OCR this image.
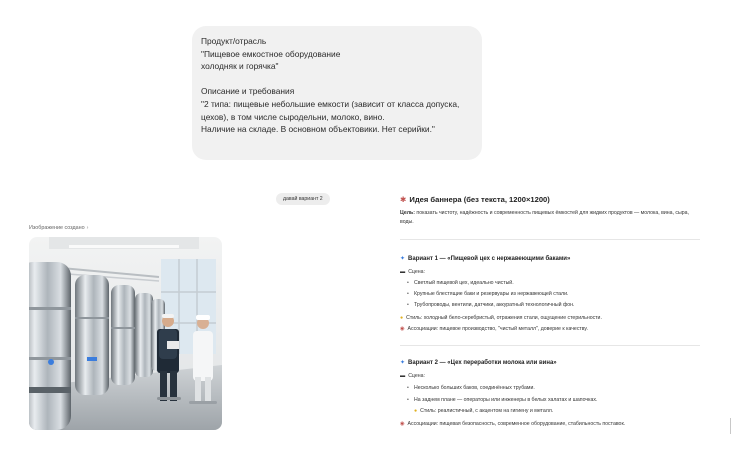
Продукт/отрасль

"Пищевое емкостное оборудование

холодняк и горячка"

Описание и требования

"2 типа: пищевые небольшие емкости (зависит от класса допуска,

цехов), в том числе сыродельни, молоко, вино.

Наличие на складе. В основном объектовики. Нет серийки."

давай вариант 2
Изображение создано ›
✱ Идея баннера (без текста, 1200×1200)
Цель: показать чистоту, надёжность и современность пищевых ёмкостей для жидких продуктов — молока, вина, сыра, воды.
✦ Вариант 1 — «Пищевой цех с нержавеющими баками»
▬ Сцена:
• Светлый пищевой цех, идеально чистый.
• Крупные блестящие баки и резервуары из нержавеющей стали.
• Трубопроводы, вентили, датчики, аккуратный технологичный фон.
● Стиль: холодный бело-серебристый, отражения стали, ощущение стерильности.
◉ Ассоциации: пищевое производство, "чистый металл", доверие к качеству.
✦ Вариант 2 — «Цех переработки молока или вина»
▬ Сцена:
• Несколько больших баков, соединённых трубами.
• На заднем плане — операторы или инженеры в белых халатах и шапочках.
● Стиль: реалистичный, с акцентом на гигиену и металл.
◉ Ассоциации: пищевая безопасность, современное оборудование, стабильность поставок.
